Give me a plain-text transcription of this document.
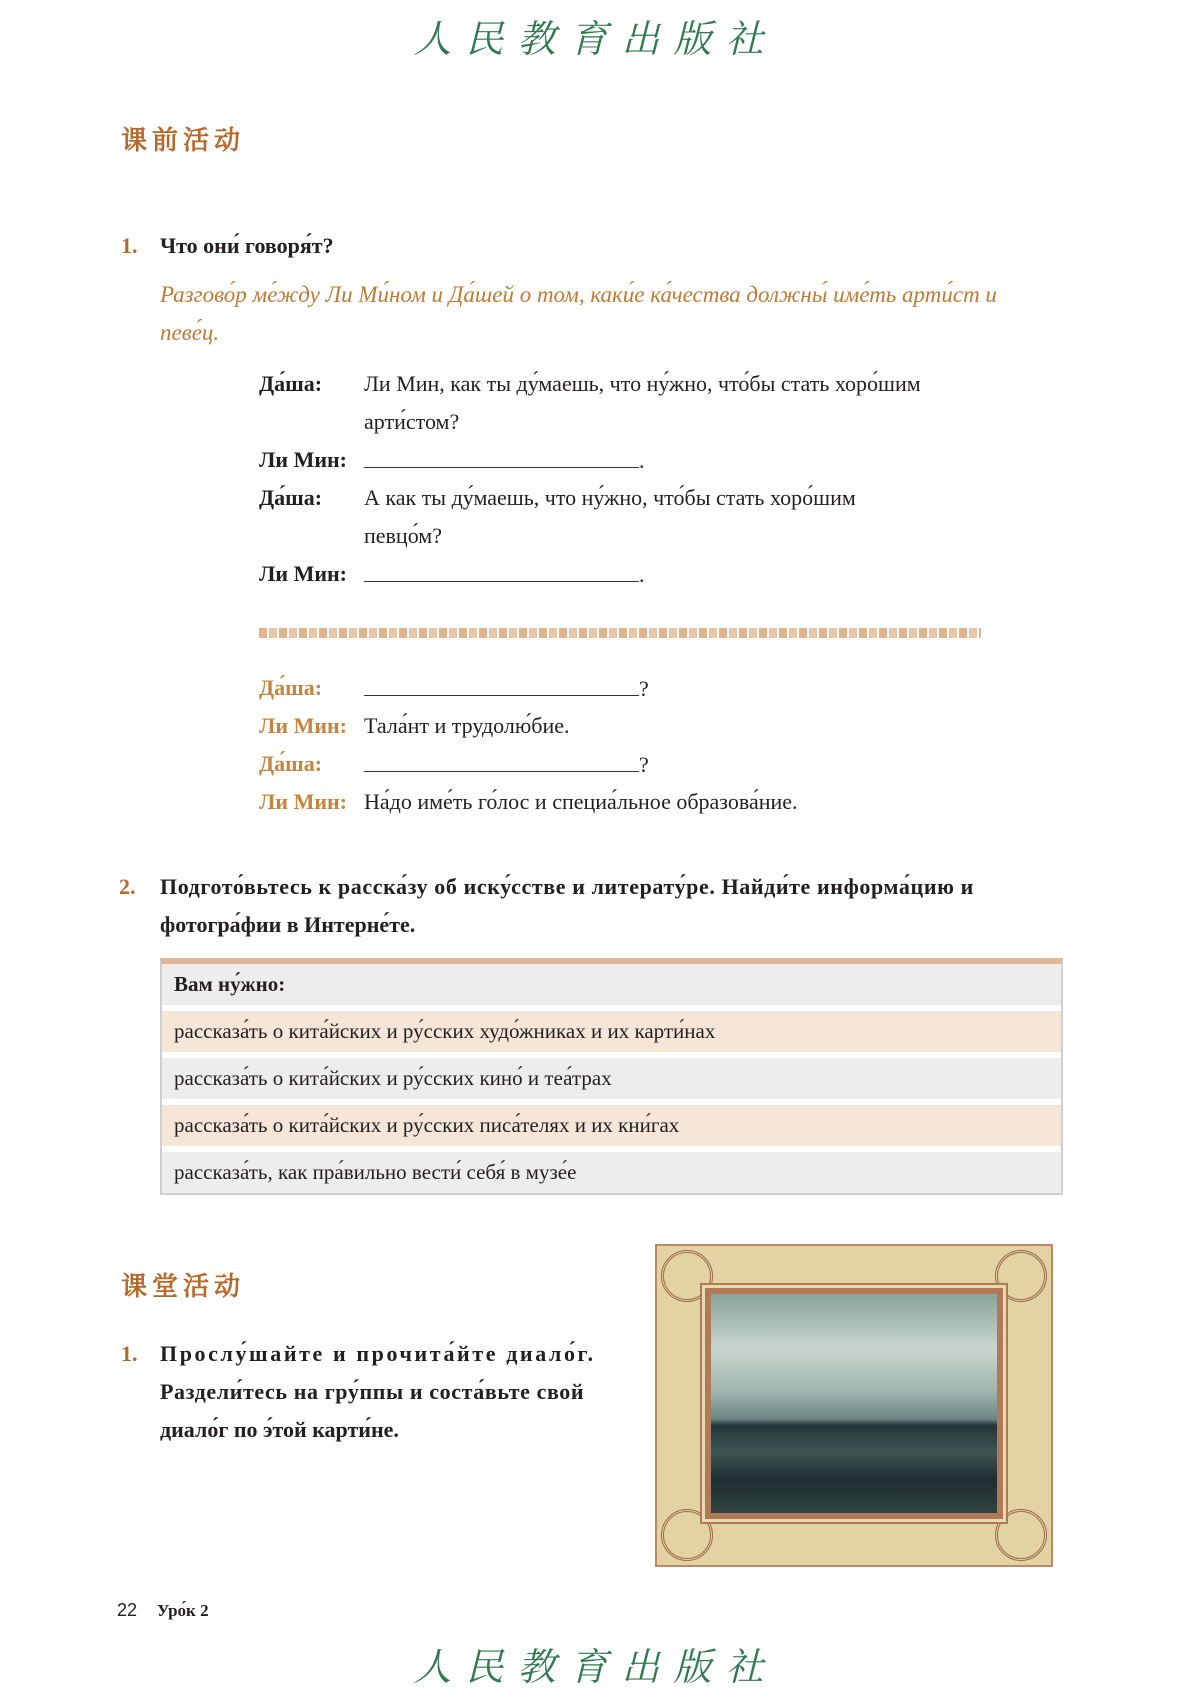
人民教育出版社
课前活动
1. Что они́ говоря́т?
Разгово́р ме́жду Ли Ми́ном и Да́шей о том, каки́е ка́чества должны́ име́ть арти́ст и
певе́ц.
Да́ша: Ли Мин, как ты ду́маешь, что ну́жно, что́бы стать хоро́шим
арти́стом?
Ли Мин:	.
Да́ша: А как ты ду́маешь, что ну́жно, что́бы стать хоро́шим
певцо́м?
Ли Мин:	.
Да́ша:	?
Ли Мин: Тала́нт и трудолю́бие.
Да́ша:	?
Ли Мин: На́до име́ть го́лос и специа́льное образова́ние.
2. Подгото́вьтесь к расска́зу об иску́сстве и литерату́ре. Найди́те информа́цию и
фотогра́фии в Интерне́те.
Вам ну́жно:
рассказа́ть о кита́йских и ру́сских худо́жниках и их карти́нах
рассказа́ть о кита́йских и ру́сских кино́ и теа́трах
рассказа́ть о кита́йских и ру́сских писа́телях и их кни́гах
рассказа́ть, как пра́вильно вести́ себя́ в музе́е
课堂活动
1. Прослу́шайте и прочита́йте диало́г.
Раздели́тесь на гру́ппы и соста́вьте свой
диало́г по э́той карти́не.
22 Уро́к 2
人民教育出版社
